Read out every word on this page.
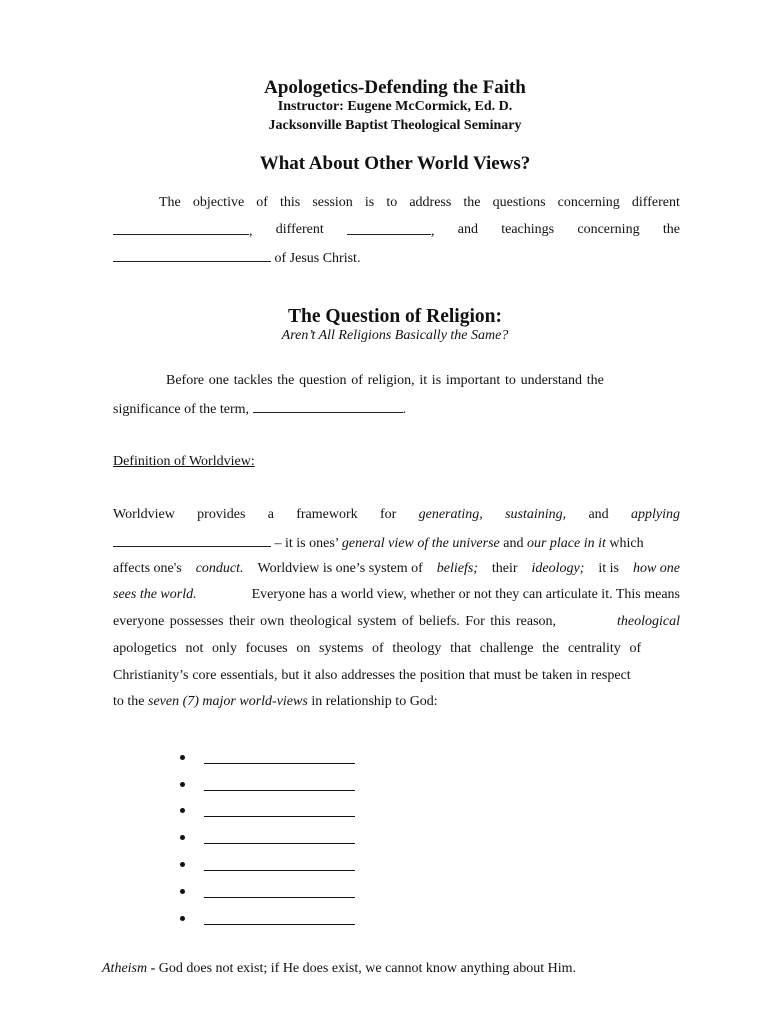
Apologetics-Defending the Faith
Instructor: Eugene McCormick, Ed. D.
Jacksonville Baptist Theological Seminary
What About Other World Views?
The objective of this session is to address the questions concerning different
, different	, and teachings concerning the
of Jesus Christ.
The Question of Religion:
Aren’t All Religions Basically the Same?
Before one tackles the question of religion, it is important to understand the
significance of the term,	.
Definition of Worldview:
Worldview provides a framework for generating, sustaining, and applying
– it is ones’ general view of the universe and our place in it which
affects one's conduct. Worldview is one’s system of beliefs; their ideology; it is how one
sees the world.	Everyone has a world view, whether or not they can articulate it. This means
everyone possesses their own theological system of beliefs. For this reason,	theological
apologetics not only focuses on systems of theology that challenge the centrality of
Christianity’s core essentials, but it also addresses the position that must be taken in respect
to the seven (7) major world-views in relationship to God:
Atheism - God does not exist; if He does exist, we cannot know anything about Him.
